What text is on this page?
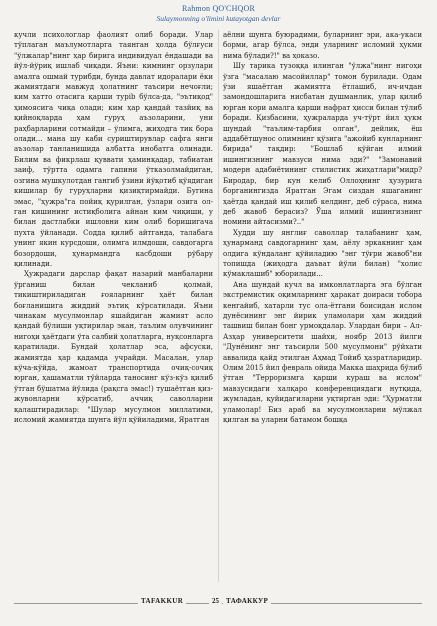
Rahmon QO'CHQOR
Sulaymonning o'limini kutayotgan devlar

кучли психологлар фаолият олиб боради. Улар тўплаган маълумотларга таянган ҳолда бўлғуси "ўлжалар"нинг ҳар бирига индивидуал ёндашади ва йўл-йўриқ ишлаб чиқади. Яъни: кимнинг орзулари амалга ошмай турибди, бунда давлат идоралари ёки жамиятдаги мавжуд ҳолатнинг таъсири нечоғли; ким хатто отасига қарши турib бўлса-да, "эътиқод" ҳимоясига чиқа олади; ким ҳар қандай тазйиқ ва қийноқларда ҳам гуруҳ аъзоларини, уни раҳбарларини сотмайди – ўлимга, жиҳодга тик бора олади... мана шу каби суриштирувлар сафга янги аъзолар танланишида албатта инобатга олинади. Билим ва фикрлаш қуввати ҳаминқадар, табиатан заиф, тўртта одамга гапини ўтказолмайдиган, озгина мушкулотдан гангиб ўзини йўқотиб қўядиган кишилар бу гуруҳларни қизиқтирмайди. Бугина эмас, "ҳужра"га пойиқ қурилган, ўзлари озига ол-ган кишининг истиқболига айнан ким чиқиши, у билан дастлабки ишловни ким олиб боришигача пухта ўйланади. Содда қилиб айтганда, талабага унинг якин курсдоши, олимга илмдоши, савдогарга бозордоши, ҳунармандга касбдоши рўбару қилинади.

Ҳужрадаги дарслар фақат назарий манбаларни ўрганиш билан чекланиб қолмай, тикиштириладиган ғояларнинг ҳаёт билан боғланишига жиддий эътиқ кўрсатилади. Яъни чинакам мусулмонлар яшайдиган жамият асло қандай бўлиши уқтирилар экан, таълим олувчининг нигоҳи ҳаётдаги ўта салбий ҳолатларга, нуқсонларга қаратилади. Бундай ҳолатлар эса, афсуски, жамиятда ҳар қадамда учрайди. Масалан, улар кўча-кўйда, жамоат транспортида очиқ-сочиқ юрган, ҳашаматли тўйларда таносинг кўз-кўз қилиб ўтган бўшатма йўлида (рақсга эмас!) тушаётган қиз-жувонларни кўрсатиб, аччиқ саволларни қалаштирадилар: "Шулар мусулмон миллатими, исломий жамиятда шунга йўл қўйиладими, Яратган

аёлни шунга буюрадими, буларнинг эри, ака-укаси борми, агар бўлса, энди уларнинг исломий ҳукми нима бўлади?!" ва ҳоказо.

Шу тарика тузоққа илинган "ўлжа"нинг нигоҳи ўзга "масалаю масойиллар" томон бурилади. Одам ўзи яшаётган жамиятга ётлашиб, ич-ичдан замондошларига нисбатан душманлик, улар қилиб юрган кори амалга қарши нафрат ҳисси билан тўлиб боради. Қизбасини, ҳужраларда уч-тўрт йил ҳукм шундай "таълим-тарбия олган", дейлик, ёш аддабётшунос олимнинг қўзига "ажойиб кунларнинг бирида" тақдир: "Бошлаб қўйган илмий ишингизнинг мавзуси нима эди?" "Замонавий модерн адабиётининг стилистик жиҳатлари"мидр? Биродар, бир кун келиб Оллоҳнинг ҳузурига борганингизда Яратган Эгам сиздан яшаганинг ҳаётда қандай иш қилиб келдинг, деб сўраса, нима деб жавоб берасиз? Ўша илмий ишингизнинг номини айтасизми?.."

Худди шу янглиғ саволлар талабанинг ҳам, ҳунарманд савдогарнинг ҳам, аёлу эркакнинг ҳам олдига кўндаланг қўйиладию "энг тўғри жавоб"ни топишда (жиҳодга даъват йўли билан) "холис кўмаклашиб" юборилади...

Ана шундай кучл ва имконлатларга эга бўлган экстремистик оқимларнинг ҳаракат доираси тобора кенгайиб, хатарли туc ола-ётгани боисидан ислом дунёсининг энг йирик уламолари ҳам жиддий ташвиш билан бонг урмоқдалар. Улардан бири – Ал-Азҳар университети шайхи, ноябр 2013 йилги "Дунёнинг энг таъсирли 500 мусулмони" рўйхати аввалида қайд этилган Аҳмад Тойиб ҳазратларидир. Олим 2015 йил февраль ойида Макка шаҳрида бўлиб ўтган "Терроризмга қарши кураш ва ислом" мавзусидаги халқаро конференциядаги нутқида, жумладан, қуйидагиларни уқтирган эди: "Ҳурматли уламолар! Биз араб ва мусулмонларни мўлжал қилган ва уларни батамом бошқа

TAFAKKUR	25	ТАФАККУР
